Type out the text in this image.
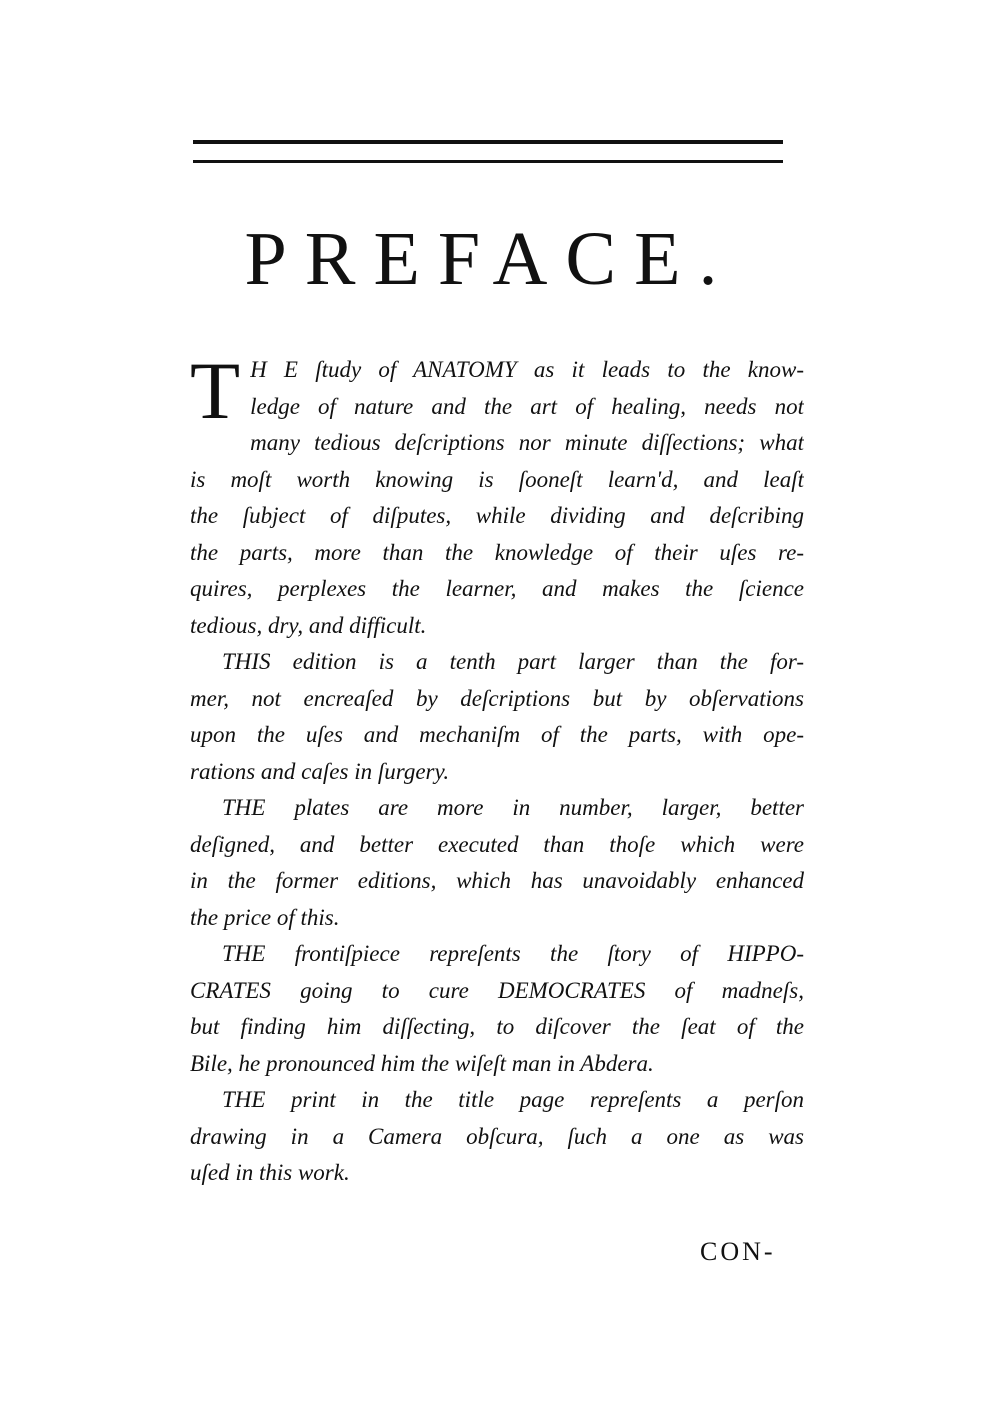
PREFACE.
T H E ſtudy of ANATOMY as it leads to the know-
ledge of nature and the art of healing, needs not
many tedious deſcriptions nor minute diſſections; what
is moſt worth knowing is ſooneſt learn'd, and leaſt
the ſubject of diſputes, while dividing and deſcribing
the parts, more than the knowledge of their uſes re-
quires, perplexes the learner, and makes the ſcience
tedious, dry, and difficult.
THIS edition is a tenth part larger than the for-
mer, not encreaſed by deſcriptions but by obſervations
upon the uſes and mechaniſm of the parts, with ope-
rations and caſes in ſurgery.
THE plates are more in number, larger, better
deſigned, and better executed than thoſe which were
in the former editions, which has unavoidably enhanced
the price of this.
THE frontiſpiece repreſents the ſtory of HIPPO-
CRATES going to cure DEMOCRATES of madneſs,
but finding him diſſecting, to diſcover the ſeat of the
Bile, he pronounced him the wiſeſt man in Abdera.
THE print in the title page repreſents a perſon
drawing in a Camera obſcura, ſuch a one as was
uſed in this work.
CON-
